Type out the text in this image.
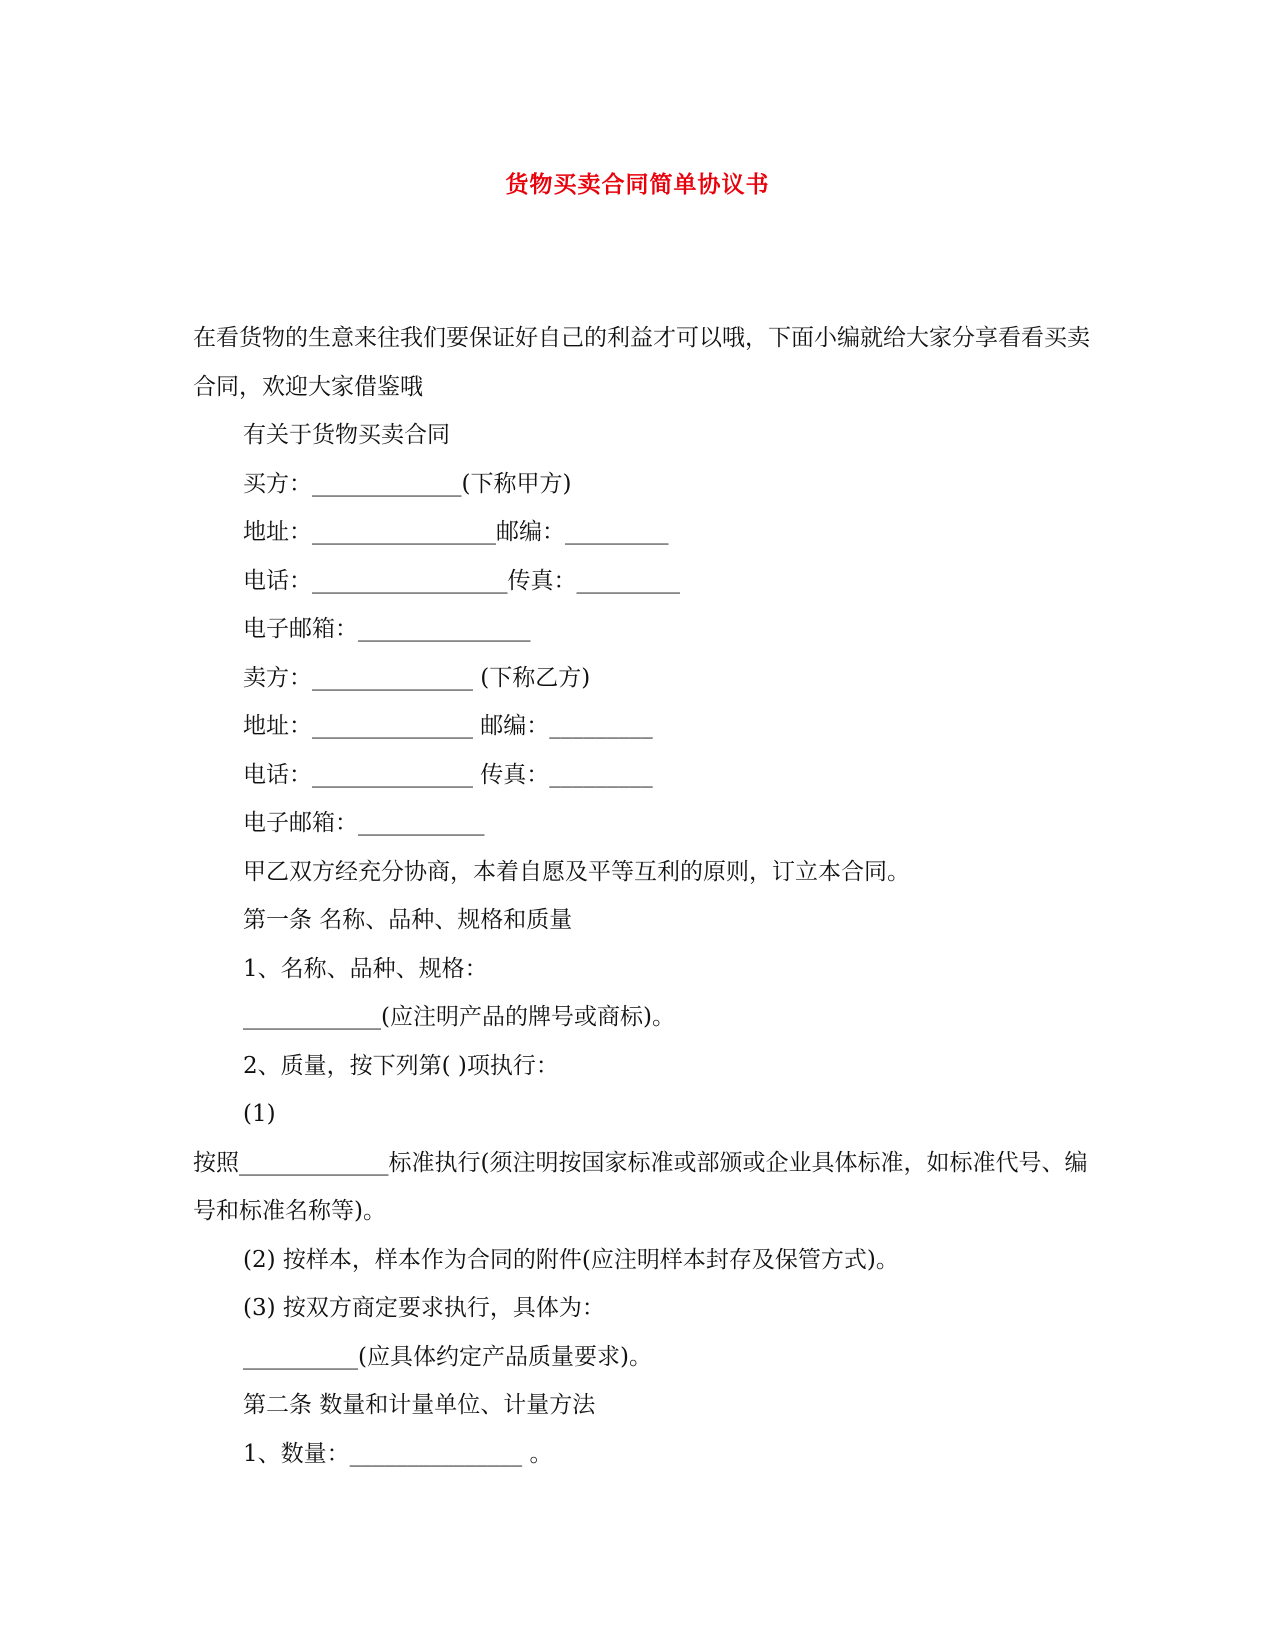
货物买卖合同简单协议书

在看货物的生意来往我们要保证好自己的利益才可以哦，下面小编就给大家分享看看买卖合同，欢迎大家借鉴哦

有关于货物买卖合同

买方：_____________(下称甲方)

地址：________________邮编：_________

电话：_________________传真：_________

电子邮箱：_______________

卖方：______________ (下称乙方)

地址：______________ 邮编：_________

电话：______________ 传真：_________

电子邮箱：___________

甲乙双方经充分协商，本着自愿及平等互利的原则，订立本合同。

第一条 名称、品种、规格和质量

1、名称、品种、规格：

____________(应注明产品的牌号或商标)。

2、质量，按下列第( )项执行：

(1)

按照_____________标准执行(须注明按国家标准或部颁或企业具体标准，如标准代号、编号和标准名称等)。

(2) 按样本，样本作为合同的附件(应注明样本封存及保管方式)。

(3) 按双方商定要求执行，具体为：

__________(应具体约定产品质量要求)。

第二条 数量和计量单位、计量方法

1、数量：_______________ 。
